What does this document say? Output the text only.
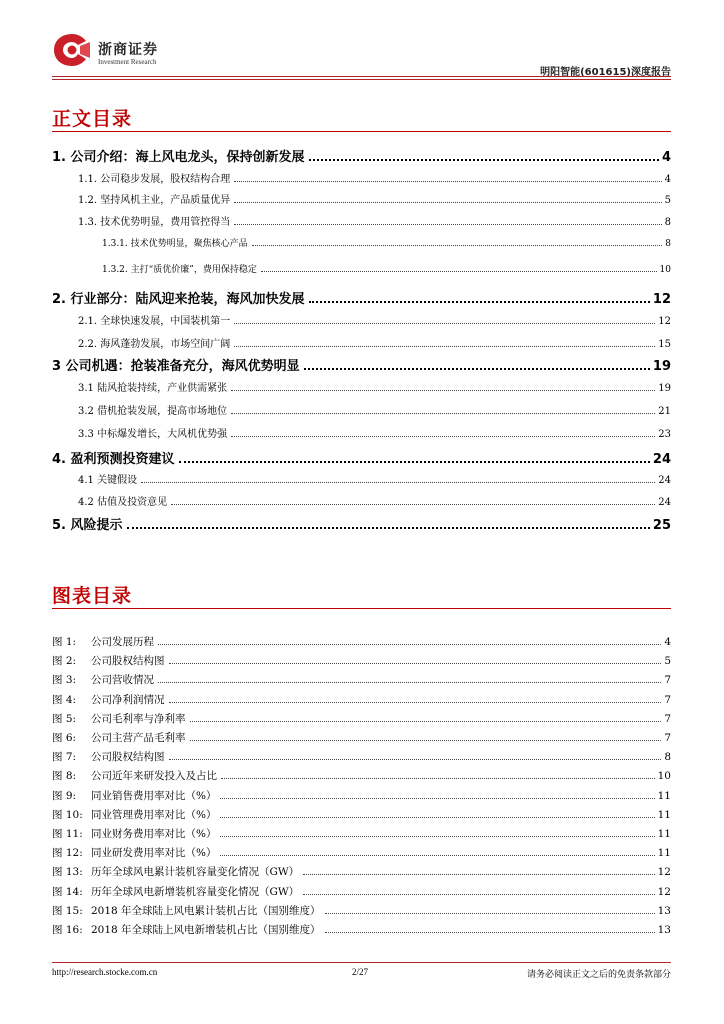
浙商证券
Investment Research
明阳智能(601615)深度报告
正文目录
1. 公司介绍：海上风电龙头，保持创新发展	4
1.1. 公司稳步发展，股权结构合理	4
1.2. 坚持风机主业，产品质量优异	5
1.3. 技术优势明显，费用管控得当	8
1.3.1. 技术优势明显，聚焦核心产品	8
1.3.2. 主打“质优价廉”，费用保持稳定	10
2. 行业部分：陆风迎来抢装，海风加快发展	12
2.1. 全球快速发展，中国装机第一	12
2.2. 海风蓬勃发展，市场空间广阔	15
3 公司机遇：抢装准备充分，海风优势明显	19
3.1 陆风抢装持续，产业供需紧张	19
3.2 借机抢装发展，提高市场地位	21
3.3 中标爆发增长，大风机优势强	23
4. 盈利预测投资建议	24
4.1 关键假设	24
4.2 估值及投资意见	24
5. 风险提示	25
图表目录
图 1: 公司发展历程	4
图 2: 公司股权结构图	5
图 3: 公司营收情况	7
图 4: 公司净利润情况	7
图 5: 公司毛利率与净利率	7
图 6: 公司主营产品毛利率	7
图 7: 公司股权结构图	8
图 8: 公司近年来研发投入及占比	10
图 9: 同业销售费用率对比（%）	11
图 10: 同业管理费用率对比（%）	11
图 11: 同业财务费用率对比（%）	11
图 12: 同业研发费用率对比（%）	11
图 13: 历年全球风电累计装机容量变化情况（GW）	12
图 14: 历年全球风电新增装机容量变化情况（GW）	12
图 15: 2018 年全球陆上风电累计装机占比（国别维度）	13
图 16: 2018 年全球陆上风电新增装机占比（国别维度）	13
http://research.stocke.com.cn	2/27	请务必阅读正文之后的免责条款部分
